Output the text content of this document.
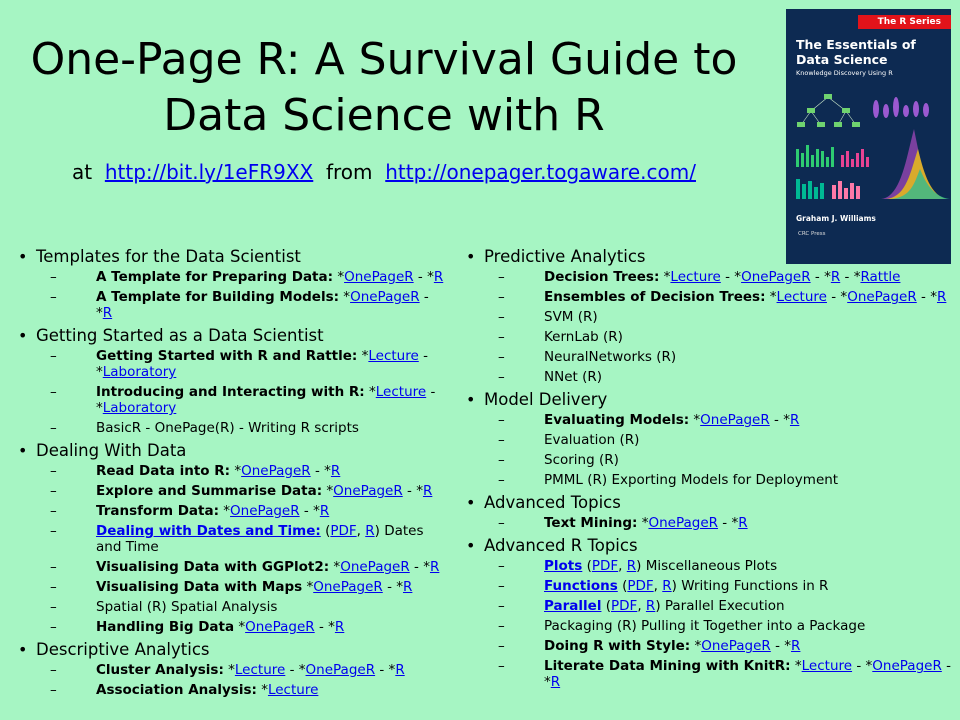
One-Page R: A Survival Guide to
Data Science with R
at http://bit.ly/1eFR9XX from http://onepager.togaware.com/
The R Series
The Essentials of Data Science
Knowledge Discovery Using R
Graham J. Williams
CRC Press
• Templates for the Data Scientist
–	A Template for Preparing Data: *OnePageR - *R
–	A Template for Building Models: *OnePageR - *R
• Getting Started as a Data Scientist
–	Getting Started with R and Rattle: *Lecture - *Laboratory
–	Introducing and Interacting with R: *Lecture - *Laboratory
–	BasicR - OnePage(R) - Writing R scripts
• Dealing With Data
–	Read Data into R: *OnePageR - *R
–	Explore and Summarise Data: *OnePageR - *R
–	Transform Data: *OnePageR - *R
–	Dealing with Dates and Time: (PDF, R) Dates and Time
–	Visualising Data with GGPlot2: *OnePageR - *R
–	Visualising Data with Maps *OnePageR - *R
–	Spatial (R) Spatial Analysis
–	Handling Big Data *OnePageR - *R
• Descriptive Analytics
–	Cluster Analysis: *Lecture - *OnePageR - *R
–	Association Analysis: *Lecture
• Predictive Analytics
–	Decision Trees: *Lecture - *OnePageR - *R - *Rattle
–	Ensembles of Decision Trees: *Lecture - *OnePageR - *R
–	SVM (R)
–	KernLab (R)
–	NeuralNetworks (R)
–	NNet (R)
• Model Delivery
–	Evaluating Models: *OnePageR - *R
–	Evaluation (R)
–	Scoring (R)
–	PMML (R) Exporting Models for Deployment
• Advanced Topics
–	Text Mining: *OnePageR - *R
• Advanced R Topics
–	Plots (PDF, R) Miscellaneous Plots
–	Functions (PDF, R) Writing Functions in R
–	Parallel (PDF, R) Parallel Execution
–	Packaging (R) Pulling it Together into a Package
–	Doing R with Style: *OnePageR - *R
–	Literate Data Mining with KnitR: *Lecture - *OnePageR - *R
